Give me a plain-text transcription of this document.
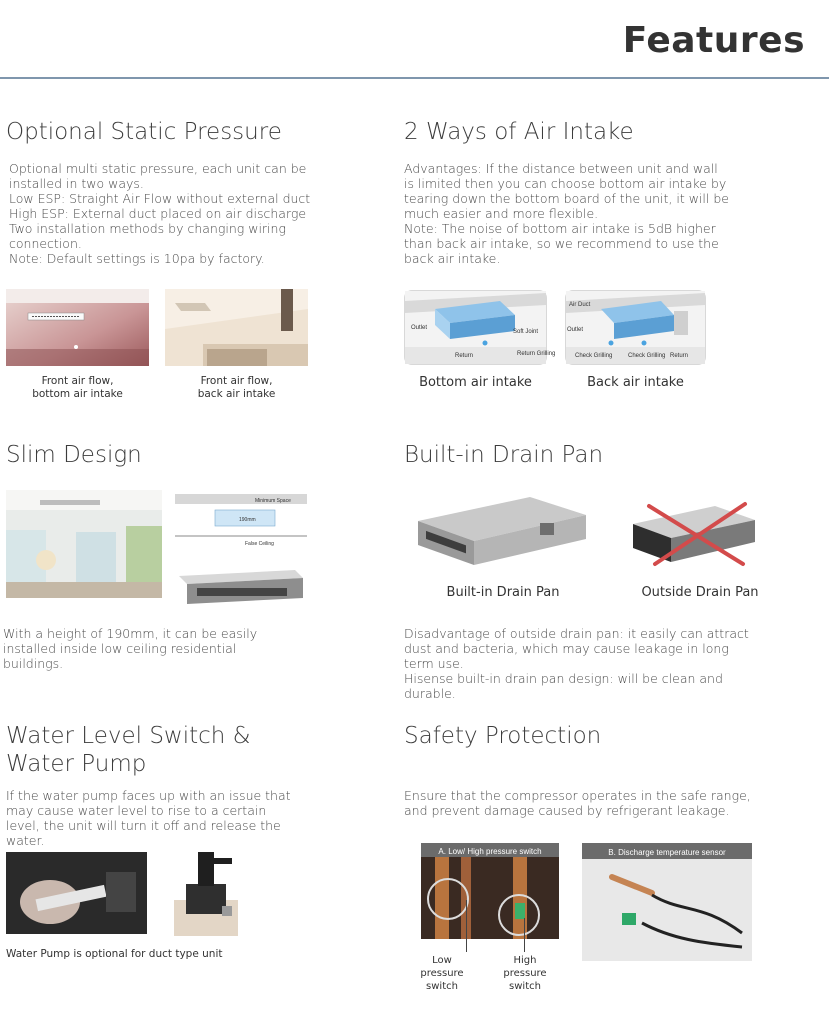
Features
Optional Static Pressure
Optional multi static pressure, each unit can be
installed in two ways.
Low ESP: Straight Air Flow without external duct
High ESP: External duct placed on air discharge
Two installation methods by changing wiring
connection.
Note: Default settings is 10pa by factory.
Front air flow,
bottom air intake
Front air flow,
back air intake
2 Ways of Air Intake
Advantages: If the distance between unit and wall
is limited then you can choose bottom air intake by
tearing down the bottom board of the unit, it will be
much easier and more flexible.
Note: The noise of bottom air intake is 5dB higher
than back air intake, so we recommend to use the
back air intake.
Outlet
Soft Joint
Return	Return Grilling
Air Duct
Outlet
Check Grilling	Check Grilling Return
Bottom air intake	Back air intake
Slim Design
Minimum Space
190mm
False Ceiling
With a height of 190mm, it can be easily
installed inside low ceiling residential
buildings.
Built-in Drain Pan
Built-in Drain Pan	Outside Drain Pan
Disadvantage of outside drain pan: it easily can attract
dust and bacteria, which may cause leakage in long
term use.
Hisense built-in drain pan design: will be clean and
durable.
Water Level Switch &
Water Pump
If the water pump faces up with an issue that
may cause water level to rise to a certain
level, the unit will turn it off and release the
water.
Water Pump is optional for duct type unit
Safety Protection
Ensure that the compressor operates in the safe range,
and prevent damage caused by refrigerant leakage.
A. Low/ High pressure switch	B. Discharge temperature sensor
Low
pressure switch
High
pressure switch
